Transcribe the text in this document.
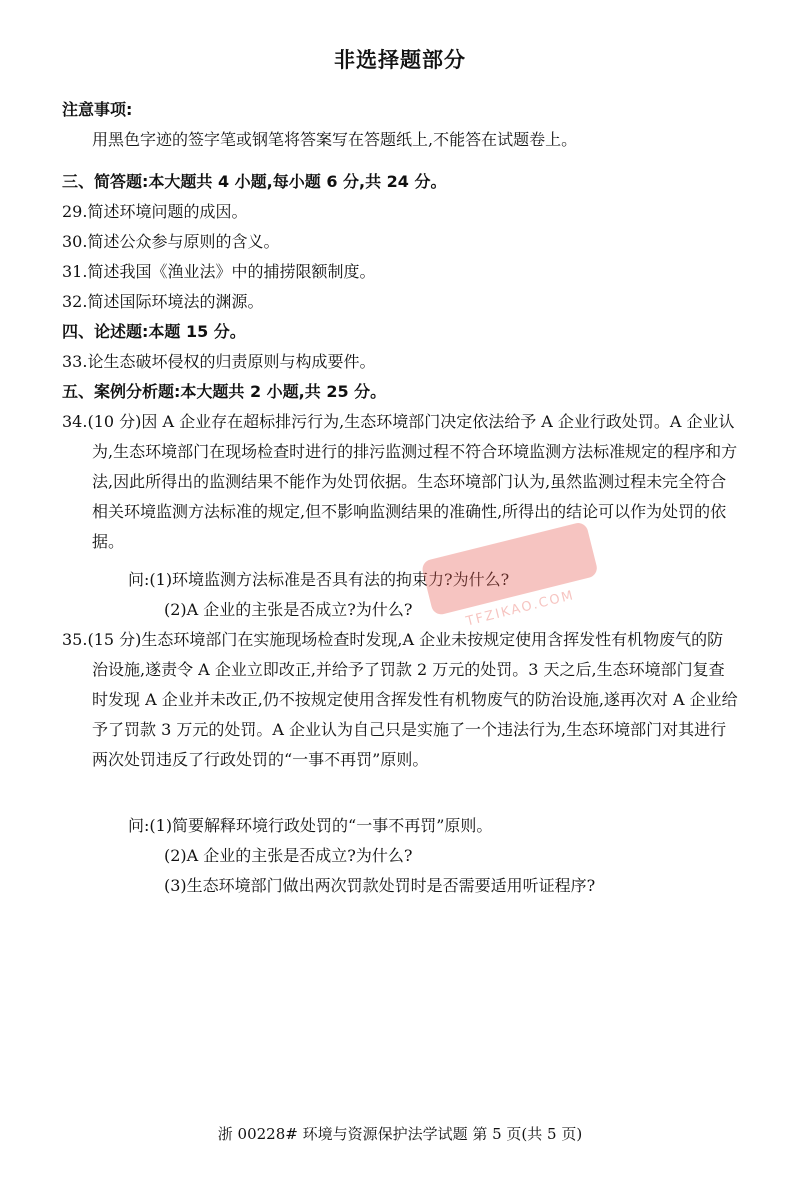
非选择题部分
注意事项:
用黑色字迹的签字笔或钢笔将答案写在答题纸上,不能答在试题卷上。
三、简答题:本大题共 4 小题,每小题 6 分,共 24 分。
29.简述环境问题的成因。
30.简述公众参与原则的含义。
31.简述我国《渔业法》中的捕捞限额制度。
32.简述国际环境法的渊源。
四、论述题:本题 15 分。
33.论生态破坏侵权的归责原则与构成要件。
五、案例分析题:本大题共 2 小题,共 25 分。
34.(10 分)因 A 企业存在超标排污行为,生态环境部门决定依法给予 A 企业行政处罚。A 企业认为,生态环境部门在现场检查时进行的排污监测过程不符合环境监测方法标准规定的程序和方法,因此所得出的监测结果不能作为处罚依据。生态环境部门认为,虽然监测过程未完全符合相关环境监测方法标准的规定,但不影响监测结果的准确性,所得出的结论可以作为处罚的依据。
问:(1)环境监测方法标准是否具有法的拘束力?为什么?
(2)A 企业的主张是否成立?为什么?
35.(15 分)生态环境部门在实施现场检查时发现,A 企业未按规定使用含挥发性有机物废气的防治设施,遂责令 A 企业立即改正,并给予了罚款 2 万元的处罚。3 天之后,生态环境部门复查时发现 A 企业并未改正,仍不按规定使用含挥发性有机物废气的防治设施,遂再次对 A 企业给予了罚款 3 万元的处罚。A 企业认为自己只是实施了一个违法行为,生态环境部门对其进行两次处罚违反了行政处罚的“一事不再罚”原则。
问:(1)简要解释环境行政处罚的“一事不再罚”原则。
(2)A 企业的主张是否成立?为什么?
(3)生态环境部门做出两次罚款处罚时是否需要适用听证程序?
TFZIKAO.COM
浙 00228# 环境与资源保护法学试题 第 5 页(共 5 页)
